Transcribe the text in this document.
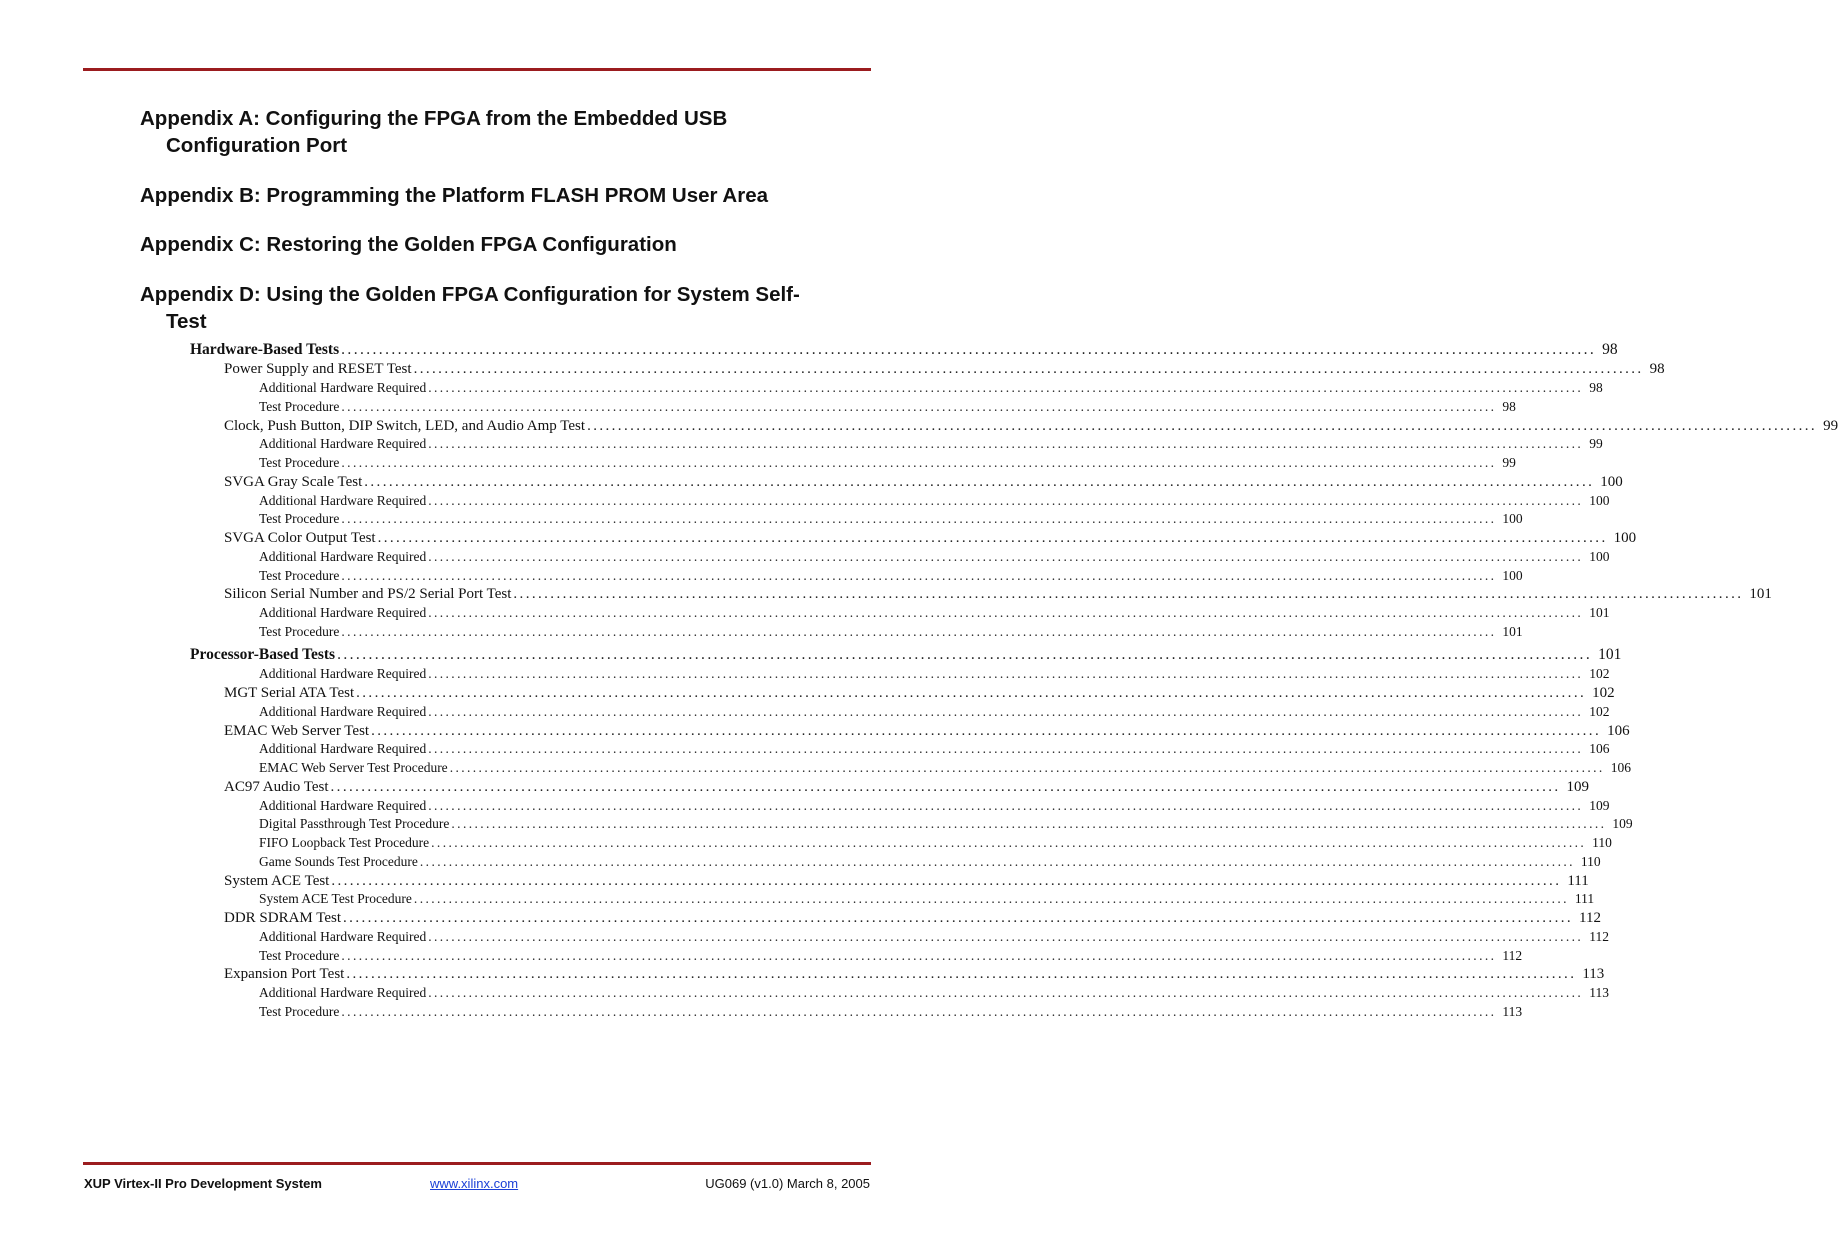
Appendix A: Configuring the FPGA from the Embedded USB
Configuration Port
Appendix B: Programming the Platform FLASH PROM User Area
Appendix C: Restoring the Golden FPGA Configuration
Appendix D: Using the Golden FPGA Configuration for System Self-
Test
Hardware-Based Tests ........................................................................................................................................................................................................ 98
Power Supply and RESET Test ........................................................................................................................................................................................................ 98
Additional Hardware Required ........................................................................................................................................................................................................ 98
Test Procedure ........................................................................................................................................................................................................ 98
Clock, Push Button, DIP Switch, LED, and Audio Amp Test ........................................................................................................................................................................................................ 99
Additional Hardware Required ........................................................................................................................................................................................................ 99
Test Procedure ........................................................................................................................................................................................................ 99
SVGA Gray Scale Test ........................................................................................................................................................................................................ 100
Additional Hardware Required ........................................................................................................................................................................................................ 100
Test Procedure ........................................................................................................................................................................................................ 100
SVGA Color Output Test ........................................................................................................................................................................................................ 100
Additional Hardware Required ........................................................................................................................................................................................................ 100
Test Procedure ........................................................................................................................................................................................................ 100
Silicon Serial Number and PS/2 Serial Port Test ........................................................................................................................................................................................................ 101
Additional Hardware Required ........................................................................................................................................................................................................ 101
Test Procedure ........................................................................................................................................................................................................ 101
Processor-Based Tests ........................................................................................................................................................................................................ 101
Additional Hardware Required ........................................................................................................................................................................................................ 102
MGT Serial ATA Test ........................................................................................................................................................................................................ 102
Additional Hardware Required ........................................................................................................................................................................................................ 102
EMAC Web Server Test ........................................................................................................................................................................................................ 106
Additional Hardware Required ........................................................................................................................................................................................................ 106
EMAC Web Server Test Procedure ........................................................................................................................................................................................................ 106
AC97 Audio Test ........................................................................................................................................................................................................ 109
Additional Hardware Required ........................................................................................................................................................................................................ 109
Digital Passthrough Test Procedure ........................................................................................................................................................................................................ 109
FIFO Loopback Test Procedure ........................................................................................................................................................................................................ 110
Game Sounds Test Procedure ........................................................................................................................................................................................................ 110
System ACE Test ........................................................................................................................................................................................................ 111
System ACE Test Procedure ........................................................................................................................................................................................................ 111
DDR SDRAM Test ........................................................................................................................................................................................................ 112
Additional Hardware Required ........................................................................................................................................................................................................ 112
Test Procedure ........................................................................................................................................................................................................ 112
Expansion Port Test ........................................................................................................................................................................................................ 113
Additional Hardware Required ........................................................................................................................................................................................................ 113
Test Procedure ........................................................................................................................................................................................................ 113
XUP Virtex-II Pro Development System	www.xilinx.com	UG069 (v1.0) March 8, 2005
